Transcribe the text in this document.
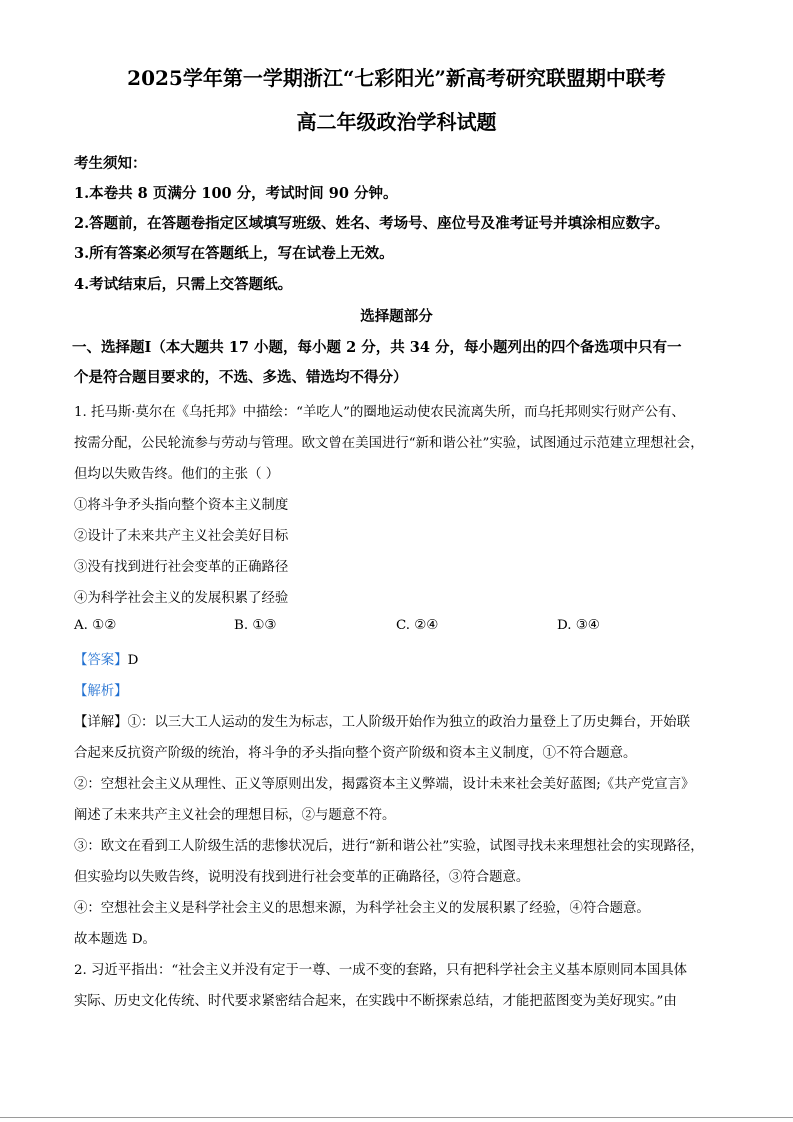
2025学年第一学期浙江“七彩阳光”新高考研究联盟期中联考
高二年级政治学科试题
考生须知：
1.本卷共 8 页满分 100 分，考试时间 90 分钟。
2.答题前，在答题卷指定区域填写班级、姓名、考场号、座位号及准考证号并填涂相应数字。
3.所有答案必须写在答题纸上，写在试卷上无效。
4.考试结束后，只需上交答题纸。
选择题部分
一、选择题Ⅰ（本大题共 17 小题，每小题 2 分，共 34 分，每小题列出的四个备选项中只有一
个是符合题目要求的，不选、多选、错选均不得分）
1. 托马斯·莫尔在《乌托邦》中描绘：“羊吃人”的圈地运动使农民流离失所，而乌托邦则实行财产公有、
按需分配，公民轮流参与劳动与管理。欧文曾在美国进行“新和谐公社”实验，试图通过示范建立理想社会，
但均以失败告终。他们的主张（ ）
①将斗争矛头指向整个资本主义制度
②设计了未来共产主义社会美好目标
③没有找到进行社会变革的正确路径
④为科学社会主义的发展积累了经验
A. ①②	B. ①③	C. ②④	D. ③④
【答案】D
【解析】
【详解】①：以三大工人运动的发生为标志，工人阶级开始作为独立的政治力量登上了历史舞台，开始联
合起来反抗资产阶级的统治，将斗争的矛头指向整个资产阶级和资本主义制度，①不符合题意。
②：空想社会主义从理性、正义等原则出发，揭露资本主义弊端，设计未来社会美好蓝图;《共产党宣言》
阐述了未来共产主义社会的理想目标，②与题意不符。
③：欧文在看到工人阶级生活的悲惨状况后，进行“新和谐公社”实验，试图寻找未来理想社会的实现路径，
但实验均以失败告终，说明没有找到进行社会变革的正确路径，③符合题意。
④：空想社会主义是科学社会主义的思想来源，为科学社会主义的发展积累了经验，④符合题意。
故本题选 D。
2. 习近平指出：“社会主义并没有定于一尊、一成不变的套路，只有把科学社会主义基本原则同本国具体
实际、历史文化传统、时代要求紧密结合起来，在实践中不断探索总结，才能把蓝图变为美好现实。”由
